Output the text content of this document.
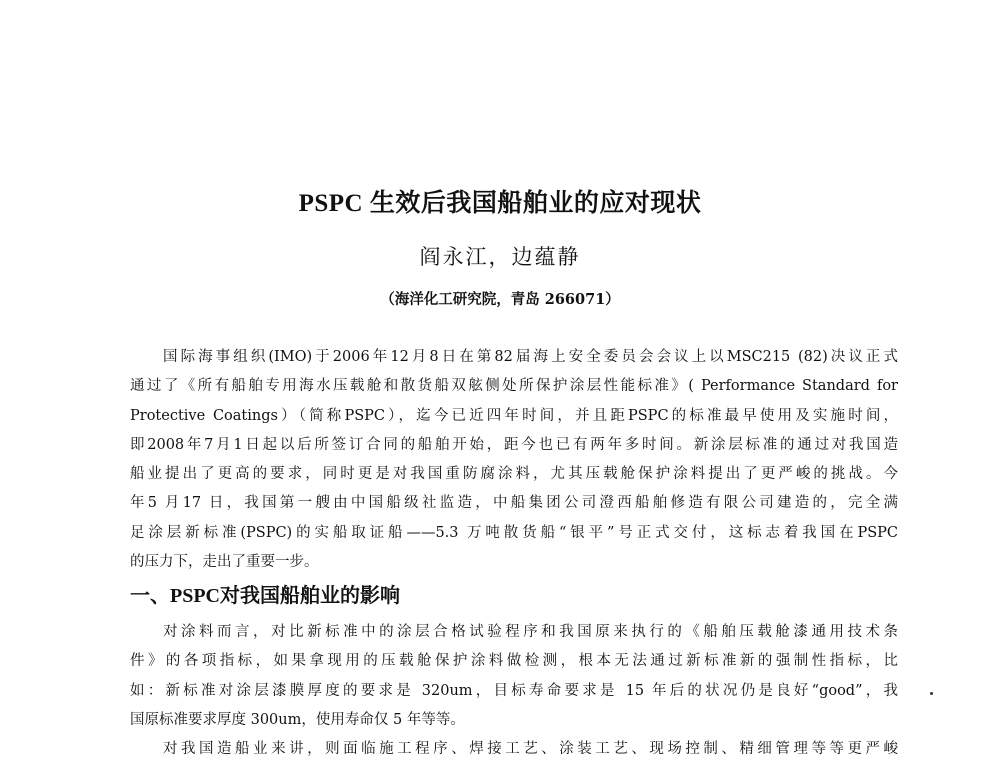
PSPC 生效后我国船舶业的应对现状
阎永江，边蕴静
（海洋化工研究院，青岛 266071）
国际海事组织(IMO)于2006年12月8日在第82届海上安全委员会会议上以MSC215 (82)决议正式
通过了《所有船舶专用海水压载舱和散货船双舷侧处所保护涂层性能标准》( Performance Standard for
Protective Coatings）（简称PSPC），迄今已近四年时间，并且距PSPC的标准最早使用及实施时间，
即2008年7月1日起以后所签订合同的船舶开始，距今也已有两年多时间。新涂层标准的通过对我国造
船业提出了更高的要求，同时更是对我国重防腐涂料，尤其压载舱保护涂料提出了更严峻的挑战。今
年5 月17 日，我国第一艘由中国船级社监造，中船集团公司澄西船舶修造有限公司建造的，完全满
足涂层新标准(PSPC)的实船取证船——5.3 万吨散货船“银平”号正式交付，这标志着我国在PSPC
的压力下，走出了重要一步。
一、PSPC对我国船舶业的影响
对涂料而言，对比新标准中的涂层合格试验程序和我国原来执行的《船舶压载舱漆通用技术条
件》的各项指标，如果拿现用的压载舱保护涂料做检测，根本无法通过新标准新的强制性指标，比
如：新标准对涂层漆膜厚度的要求是 320um，目标寿命要求是 15 年后的状况仍是良好“good”，我
国原标准要求厚度 300um，使用寿命仅 5 年等等。
对我国造船业来讲，则面临施工程序、焊接工艺、涂装工艺、现场控制、精细管理等等更严峻
